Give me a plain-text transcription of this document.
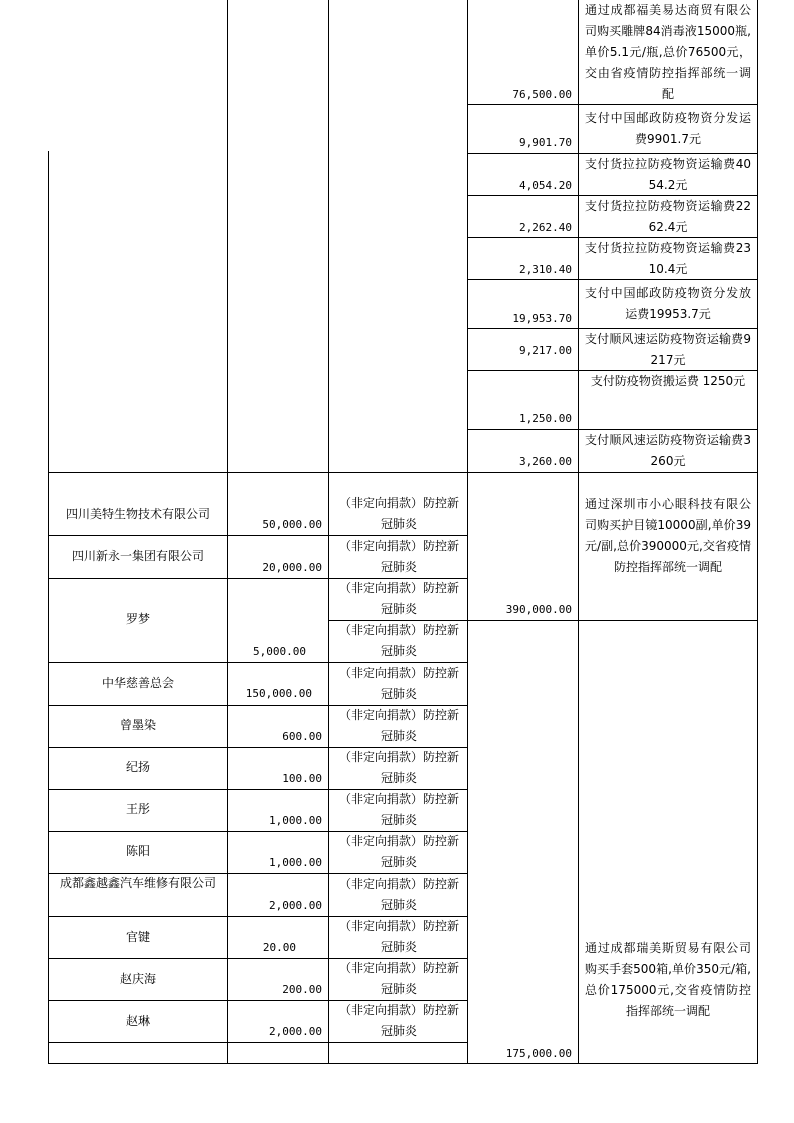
76,500.00
通过成都福美易达商贸有限公司购买雕牌84消毒液15000瓶,单价5.1元/瓶,总价76500元，交由省疫情防控指挥部统一调配
9,901.70
支付中国邮政防疫物资分发运费9901.7元
4,054.20
支付货拉拉防疫物资运输费4054.2元
2,262.40
支付货拉拉防疫物资运输费2262.4元
2,310.40
支付货拉拉防疫物资运输费2310.4元
19,953.70
支付中国邮政防疫物资分发放运费19953.7元
9,217.00
支付顺风速运防疫物资运输费9217元
1,250.00
支付防疫物资搬运费 1250元
3,260.00
支付顺风速运防疫物资运输费3260元
四川美特生物技术有限公司
50,000.00
（非定向捐款）防控新冠肺炎
四川新永一集团有限公司
20,000.00
（非定向捐款）防控新冠肺炎
390,000.00
通过深圳市小心眼科技有限公司购买护目镜10000副,单价39元/副,总价390000元,交省疫情防控指挥部统一调配
罗梦
5,000.00
（非定向捐款）防控新冠肺炎
（非定向捐款）防控新冠肺炎
中华慈善总会
150,000.00
（非定向捐款）防控新冠肺炎
曾墨染
600.00
（非定向捐款）防控新冠肺炎
纪扬
100.00
（非定向捐款）防控新冠肺炎
王彤
1,000.00
（非定向捐款）防控新冠肺炎
陈阳
1,000.00
（非定向捐款）防控新冠肺炎
成都鑫越鑫汽车维修有限公司
2,000.00
（非定向捐款）防控新冠肺炎
官键
20.00
（非定向捐款）防控新冠肺炎
赵庆海
200.00
（非定向捐款）防控新冠肺炎
赵琳
2,000.00
（非定向捐款）防控新冠肺炎
175,000.00
通过成都瑞美斯贸易有限公司购买手套500箱,单价350元/箱,总价175000元,交省疫情防控指挥部统一调配
